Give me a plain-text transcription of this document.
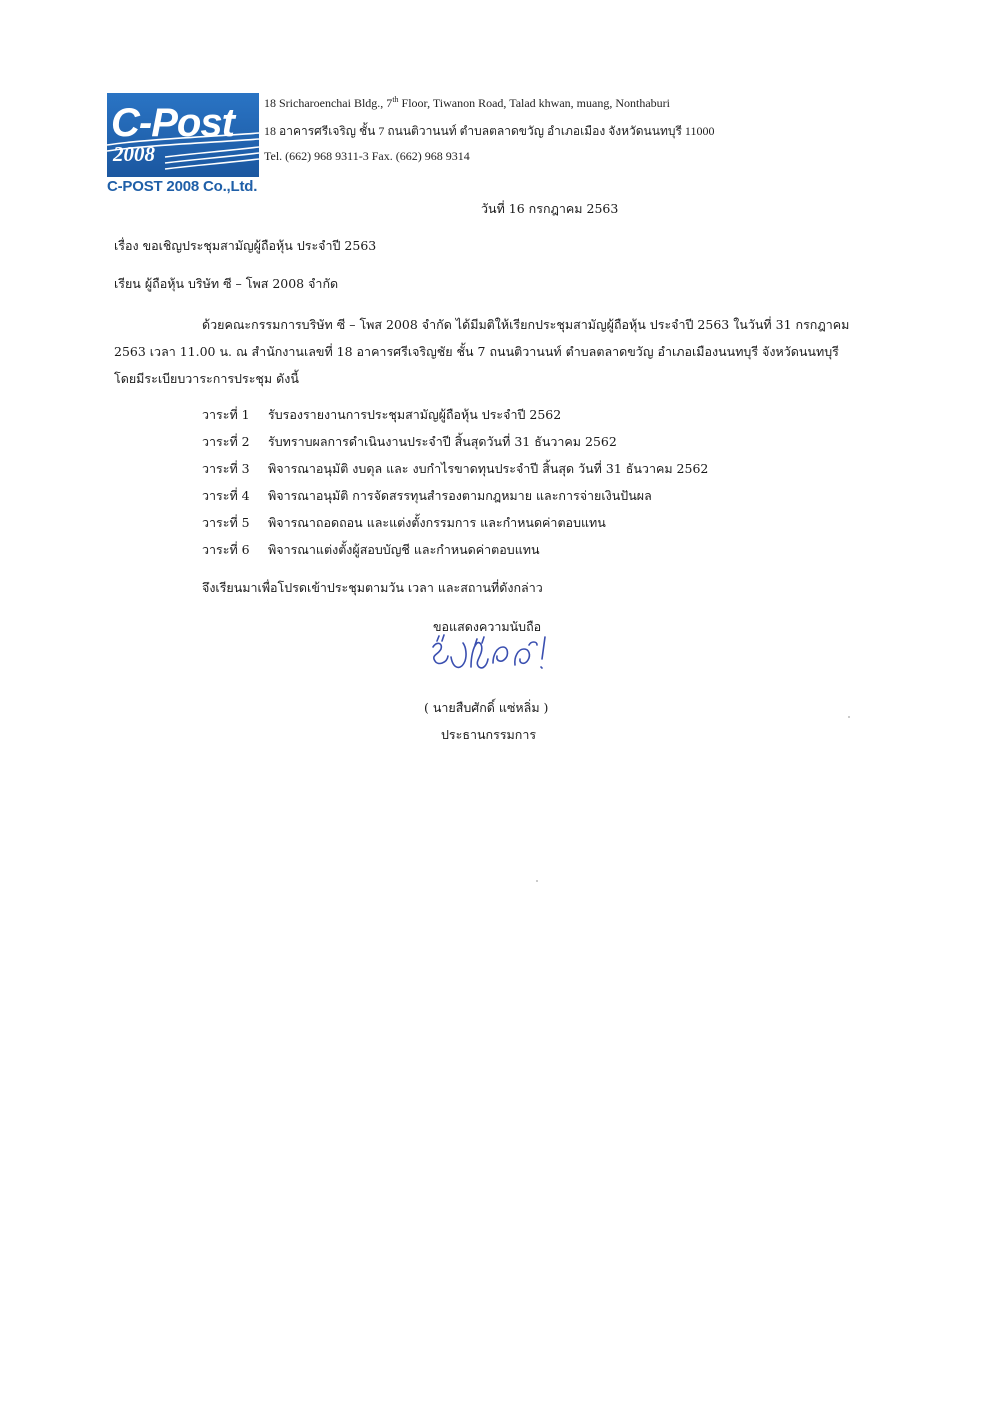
C-Post
2008
C-POST 2008 Co.,Ltd.
18 Sricharoenchai Bldg., 7th Floor, Tiwanon Road, Talad khwan, muang, Nonthaburi
18 อาคารศรีเจริญ ชั้น 7 ถนนติวานนท์ ตำบลตลาดขวัญ อำเภอเมือง จังหวัดนนทบุรี 11000
Tel. (662) 968 9311-3 Fax. (662) 968 9314
วันที่ 16 กรกฎาคม 2563
เรื่อง ขอเชิญประชุมสามัญผู้ถือหุ้น ประจำปี 2563
เรียน ผู้ถือหุ้น บริษัท ซี – โพส 2008 จำกัด
ด้วยคณะกรรมการบริษัท ซี – โพส 2008 จำกัด ได้มีมติให้เรียกประชุมสามัญผู้ถือหุ้น ประจำปี 2563 ในวันที่ 31 กรกฎาคม
2563 เวลา 11.00 น. ณ สำนักงานเลขที่ 18 อาคารศรีเจริญชัย ชั้น 7 ถนนติวานนท์ ตำบลตลาดขวัญ อำเภอเมืองนนทบุรี จังหวัดนนทบุรี
โดยมีระเบียบวาระการประชุม ดังนี้
วาระที่ 1 รับรองรายงานการประชุมสามัญผู้ถือหุ้น ประจำปี 2562
วาระที่ 2 รับทราบผลการดำเนินงานประจำปี สิ้นสุดวันที่ 31 ธันวาคม 2562
วาระที่ 3 พิจารณาอนุมัติ งบดุล และ งบกำไรขาดทุนประจำปี สิ้นสุด วันที่ 31 ธันวาคม 2562
วาระที่ 4 พิจารณาอนุมัติ การจัดสรรทุนสำรองตามกฎหมาย และการจ่ายเงินปันผล
วาระที่ 5 พิจารณาถอดถอน และแต่งตั้งกรรมการ และกำหนดค่าตอบแทน
วาระที่ 6 พิจารณาแต่งตั้งผู้สอบบัญชี และกำหนดค่าตอบแทน
จึงเรียนมาเพื่อโปรดเข้าประชุมตามวัน เวลา และสถานที่ดังกล่าว
ขอแสดงความนับถือ
( นายสืบศักดิ์ แซ่หลิ่ม )
ประธานกรรมการ
